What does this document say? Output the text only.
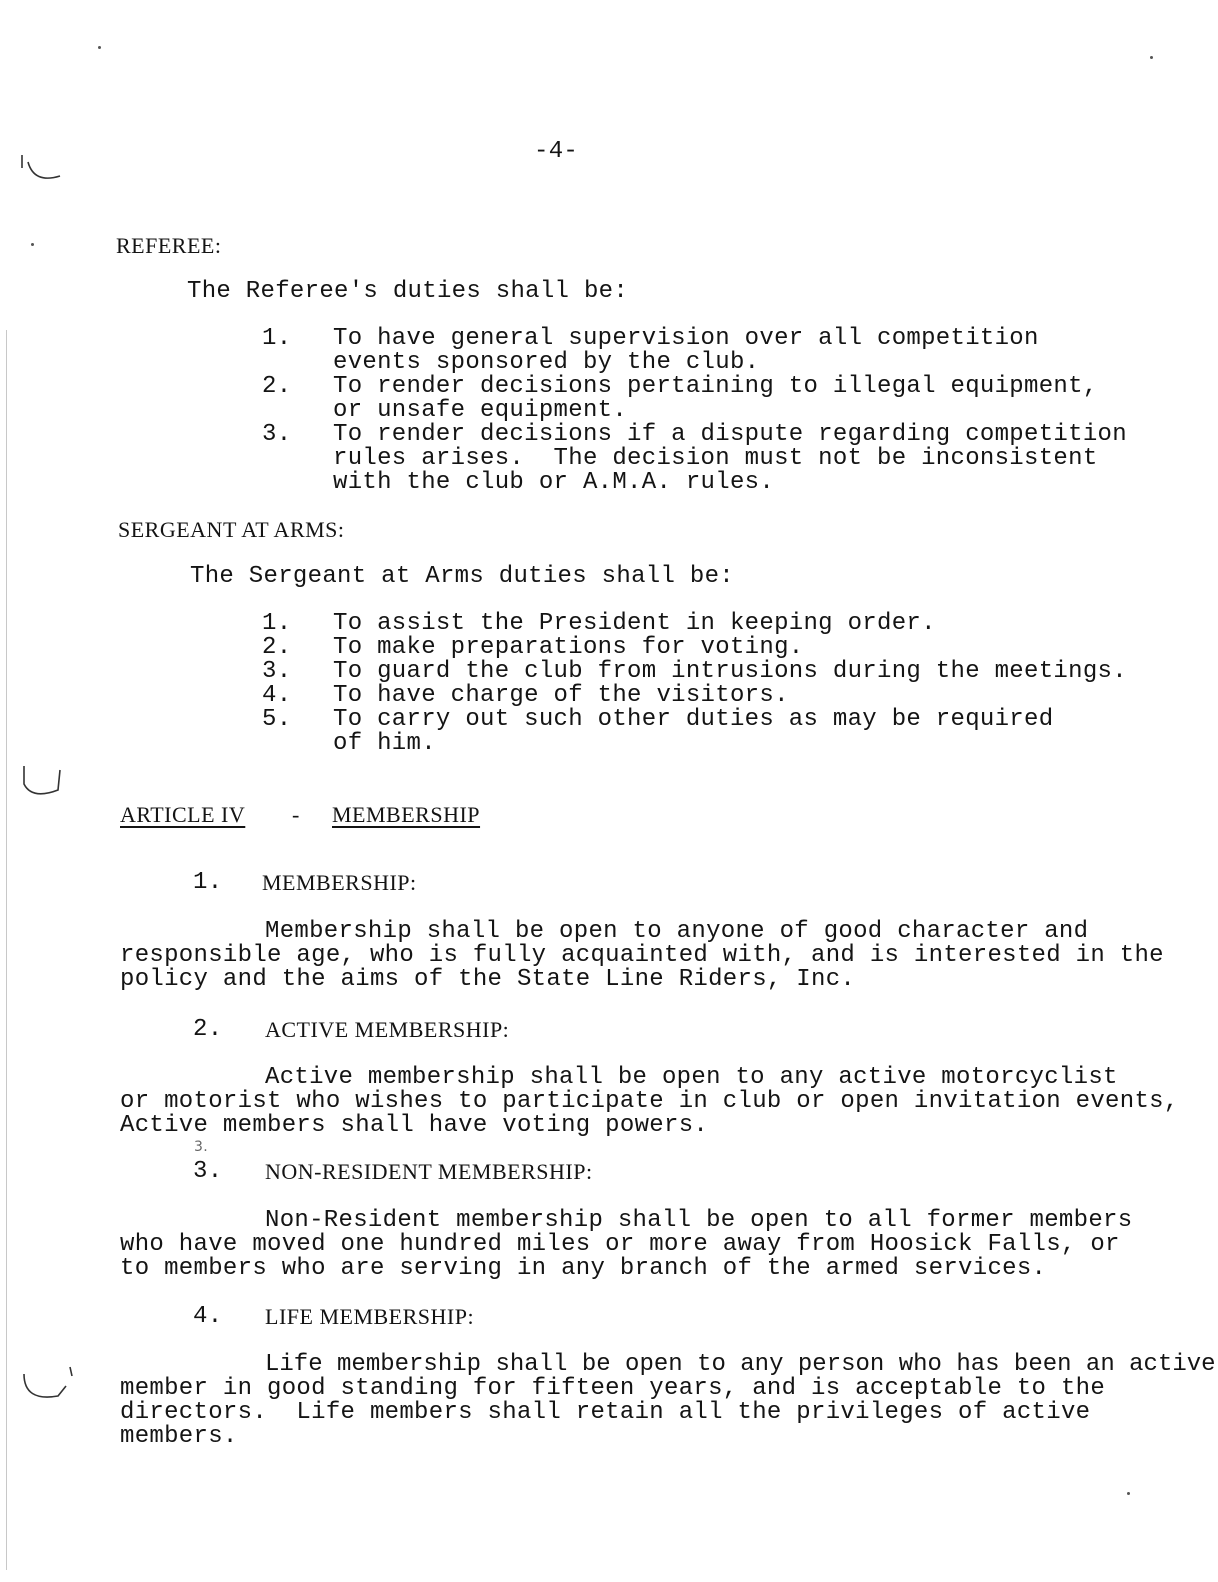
-4-
REFEREE:
The Referee's duties shall be:
1. To have general supervision over all competition
events sponsored by the club.
2. To render decisions pertaining to illegal equipment,
or unsafe equipment.
3. To render decisions if a dispute regarding competition
rules arises.  The decision must not be inconsistent
with the club or A.M.A. rules.
SERGEANT AT ARMS:
The Sergeant at Arms duties shall be:
1. To assist the President in keeping order.
2. To make preparations for voting.
3. To guard the club from intrusions during the meetings.
4. To have charge of the visitors.
5. To carry out such other duties as may be required
of him.
ARTICLE IV - MEMBERSHIP
1. MEMBERSHIP:
Membership shall be open to anyone of good character and
responsible age, who is fully acquainted with, and is interested in the
policy and the aims of the State Line Riders, Inc.
2. ACTIVE MEMBERSHIP:
Active membership shall be open to any active motorcyclist
or motorist who wishes to participate in club or open invitation events,
Active members shall have voting powers.
3.
3. NON-RESIDENT MEMBERSHIP:
Non-Resident membership shall be open to all former members
who have moved one hundred miles or more away from Hoosick Falls, or
to members who are serving in any branch of the armed services.
4. LIFE MEMBERSHIP:
Life membership shall be open to any person who has been an active
member in good standing for fifteen years, and is acceptable to the
directors.  Life members shall retain all the privileges of active
members.
